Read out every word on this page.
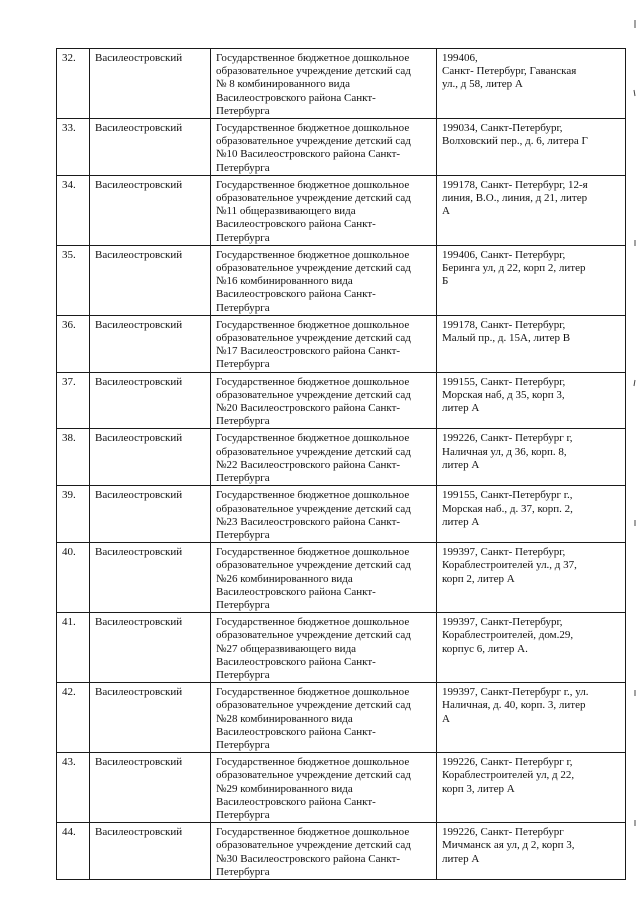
32.	Василеостровский	Государственное бюджетное дошкольное
образовательное учреждение детский сад
№ 8 комбинированного вида
Василеостровского района Санкт-
Петербурга	199406,
Санкт- Петербург, Гаванская
ул., д 58, литер А
33.	Василеостровский	Государственное бюджетное дошкольное
образовательное учреждение детский сад
№10 Василеостровского района Санкт-
Петербурга	199034, Санкт-Петербург,
Волховский пер., д. 6, литера Г
34.	Василеостровский	Государственное бюджетное дошкольное
образовательное учреждение детский сад
№11 общеразвивающего вида
Василеостровского района Санкт-
Петербурга	199178, Санкт- Петербург, 12-я
линия, В.О., линия, д 21, литер
А
35.	Василеостровский	Государственное бюджетное дошкольное
образовательное учреждение детский сад
№16 комбинированного вида
Василеостровского района Санкт-
Петербурга	199406, Санкт- Петербург,
Беринга ул, д 22, корп 2, литер
Б
36.	Василеостровский	Государственное бюджетное дошкольное
образовательное учреждение детский сад
№17 Василеостровского района Санкт-
Петербурга	199178, Санкт- Петербург,
Малый пр., д. 15А, литер В
37.	Василеостровский	Государственное бюджетное дошкольное
образовательное учреждение детский сад
№20 Василеостровского района Санкт-
Петербурга	199155, Санкт- Петербург,
Морская наб, д 35, корп 3,
литер А
38.	Василеостровский	Государственное бюджетное дошкольное
образовательное учреждение детский сад
№22 Василеостровского района Санкт-
Петербурга	199226, Санкт- Петербург г,
Наличная ул, д 36, корп. 8,
литер А
39.	Василеостровский	Государственное бюджетное дошкольное
образовательное учреждение детский сад
№23 Василеостровского района Санкт-
Петербурга	199155, Санкт-Петербург г.,
Морская наб., д. 37, корп. 2,
литер А
40.	Василеостровский	Государственное бюджетное дошкольное
образовательное учреждение детский сад
№26 комбинированного вида
Василеостровского района Санкт-
Петербурга	199397, Санкт- Петербург,
Кораблестроителей ул., д 37,
корп 2, литер А
41.	Василеостровский	Государственное бюджетное дошкольное
образовательное учреждение детский сад
№27 общеразвивающего вида
Василеостровского района Санкт-
Петербурга	199397, Санкт-Петербург,
Кораблестроителей, дом.29,
корпус 6, литер А.
42.	Василеостровский	Государственное бюджетное дошкольное
образовательное учреждение детский сад
№28 комбинированного вида
Василеостровского района Санкт-
Петербурга	199397, Санкт-Петербург г., ул.
Наличная, д. 40, корп. 3, литер
А
43.	Василеостровский	Государственное бюджетное дошкольное
образовательное учреждение детский сад
№29 комбинированного вида
Василеостровского района Санкт-
Петербурга	199226, Санкт- Петербург г,
Кораблестроителей ул, д 22,
корп 3, литер А
44.	Василеостровский	Государственное бюджетное дошкольное
образовательное учреждение детский сад
№30 Василеостровского района Санкт-
Петербурга	199226, Санкт- Петербург
Мичманск ая ул, д 2, корп 3,
литер А
